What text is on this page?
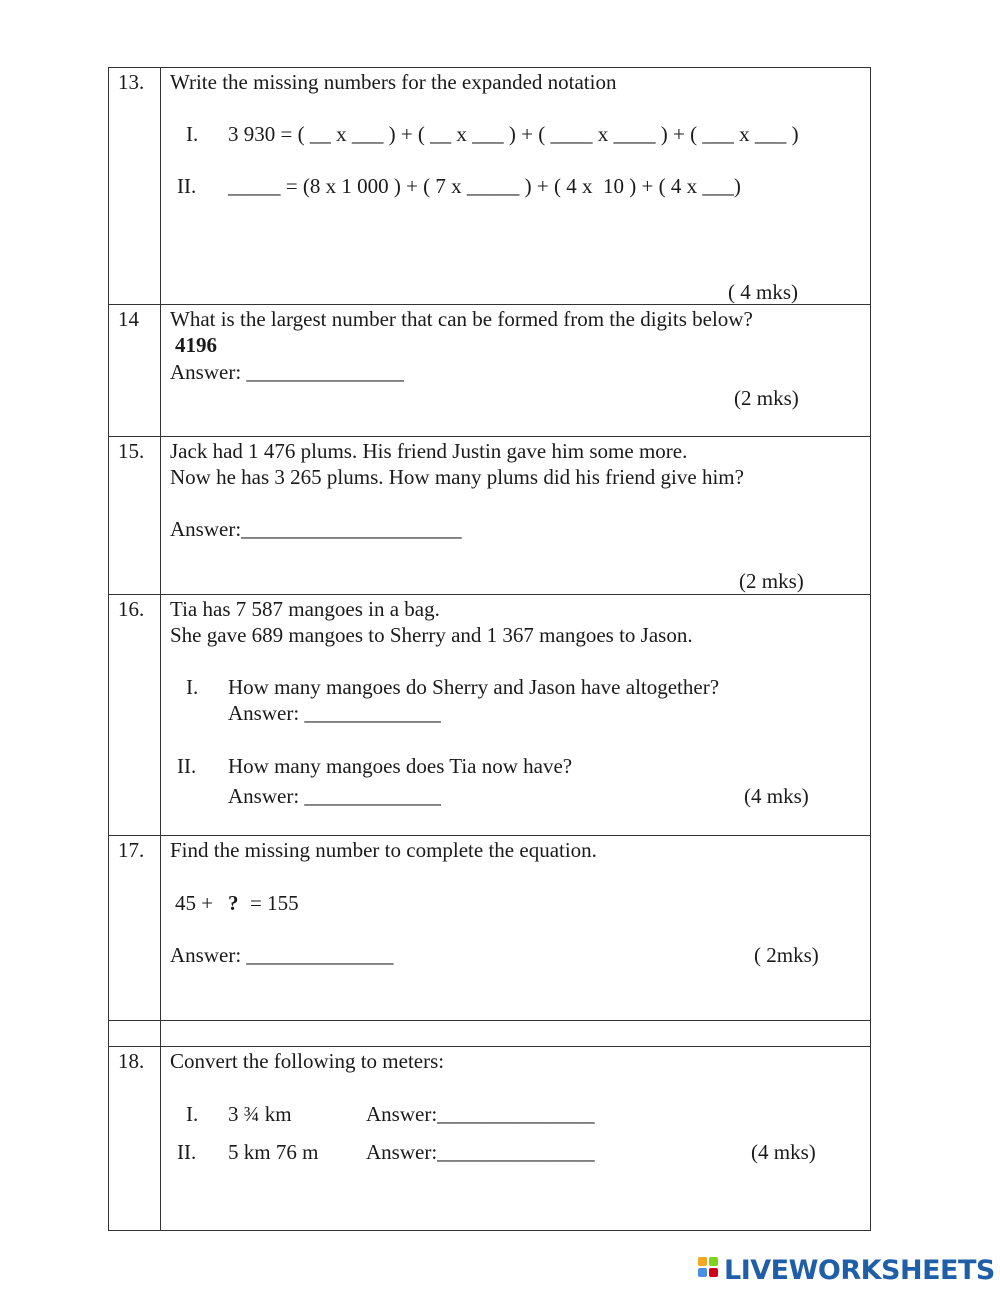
13. Write the missing numbers for the expanded notation
I. 3 930 = ( __ x ___ ) + ( __ x ___ ) + ( ____ x ____ ) + ( ___ x ___ )
II. _____ = (8 x 1 000 ) + ( 7 x _____ ) + ( 4 x  10 ) + ( 4 x ___)
( 4 mks)
14 What is the largest number that can be formed from the digits below?
4196
Answer: _______________
(2 mks)
15. Jack had 1 476 plums. His friend Justin gave him some more.
Now he has 3 265 plums. How many plums did his friend give him?
Answer:_____________________
(2 mks)
16. Tia has 7 587 mangoes in a bag.
She gave 689 mangoes to Sherry and 1 367 mangoes to Jason.
I. How many mangoes do Sherry and Jason have altogether?
Answer: _____________
II. How many mangoes does Tia now have?
Answer: _____________	(4 mks)
17. Find the missing number to complete the equation.
45 + ? = 155
Answer: ______________	( 2mks)
18. Convert the following to meters:
I. 3 ¾ km	Answer:_______________
II. 5 km 76 m Answer:_______________	(4 mks)
LIVEWORKSHEETS
